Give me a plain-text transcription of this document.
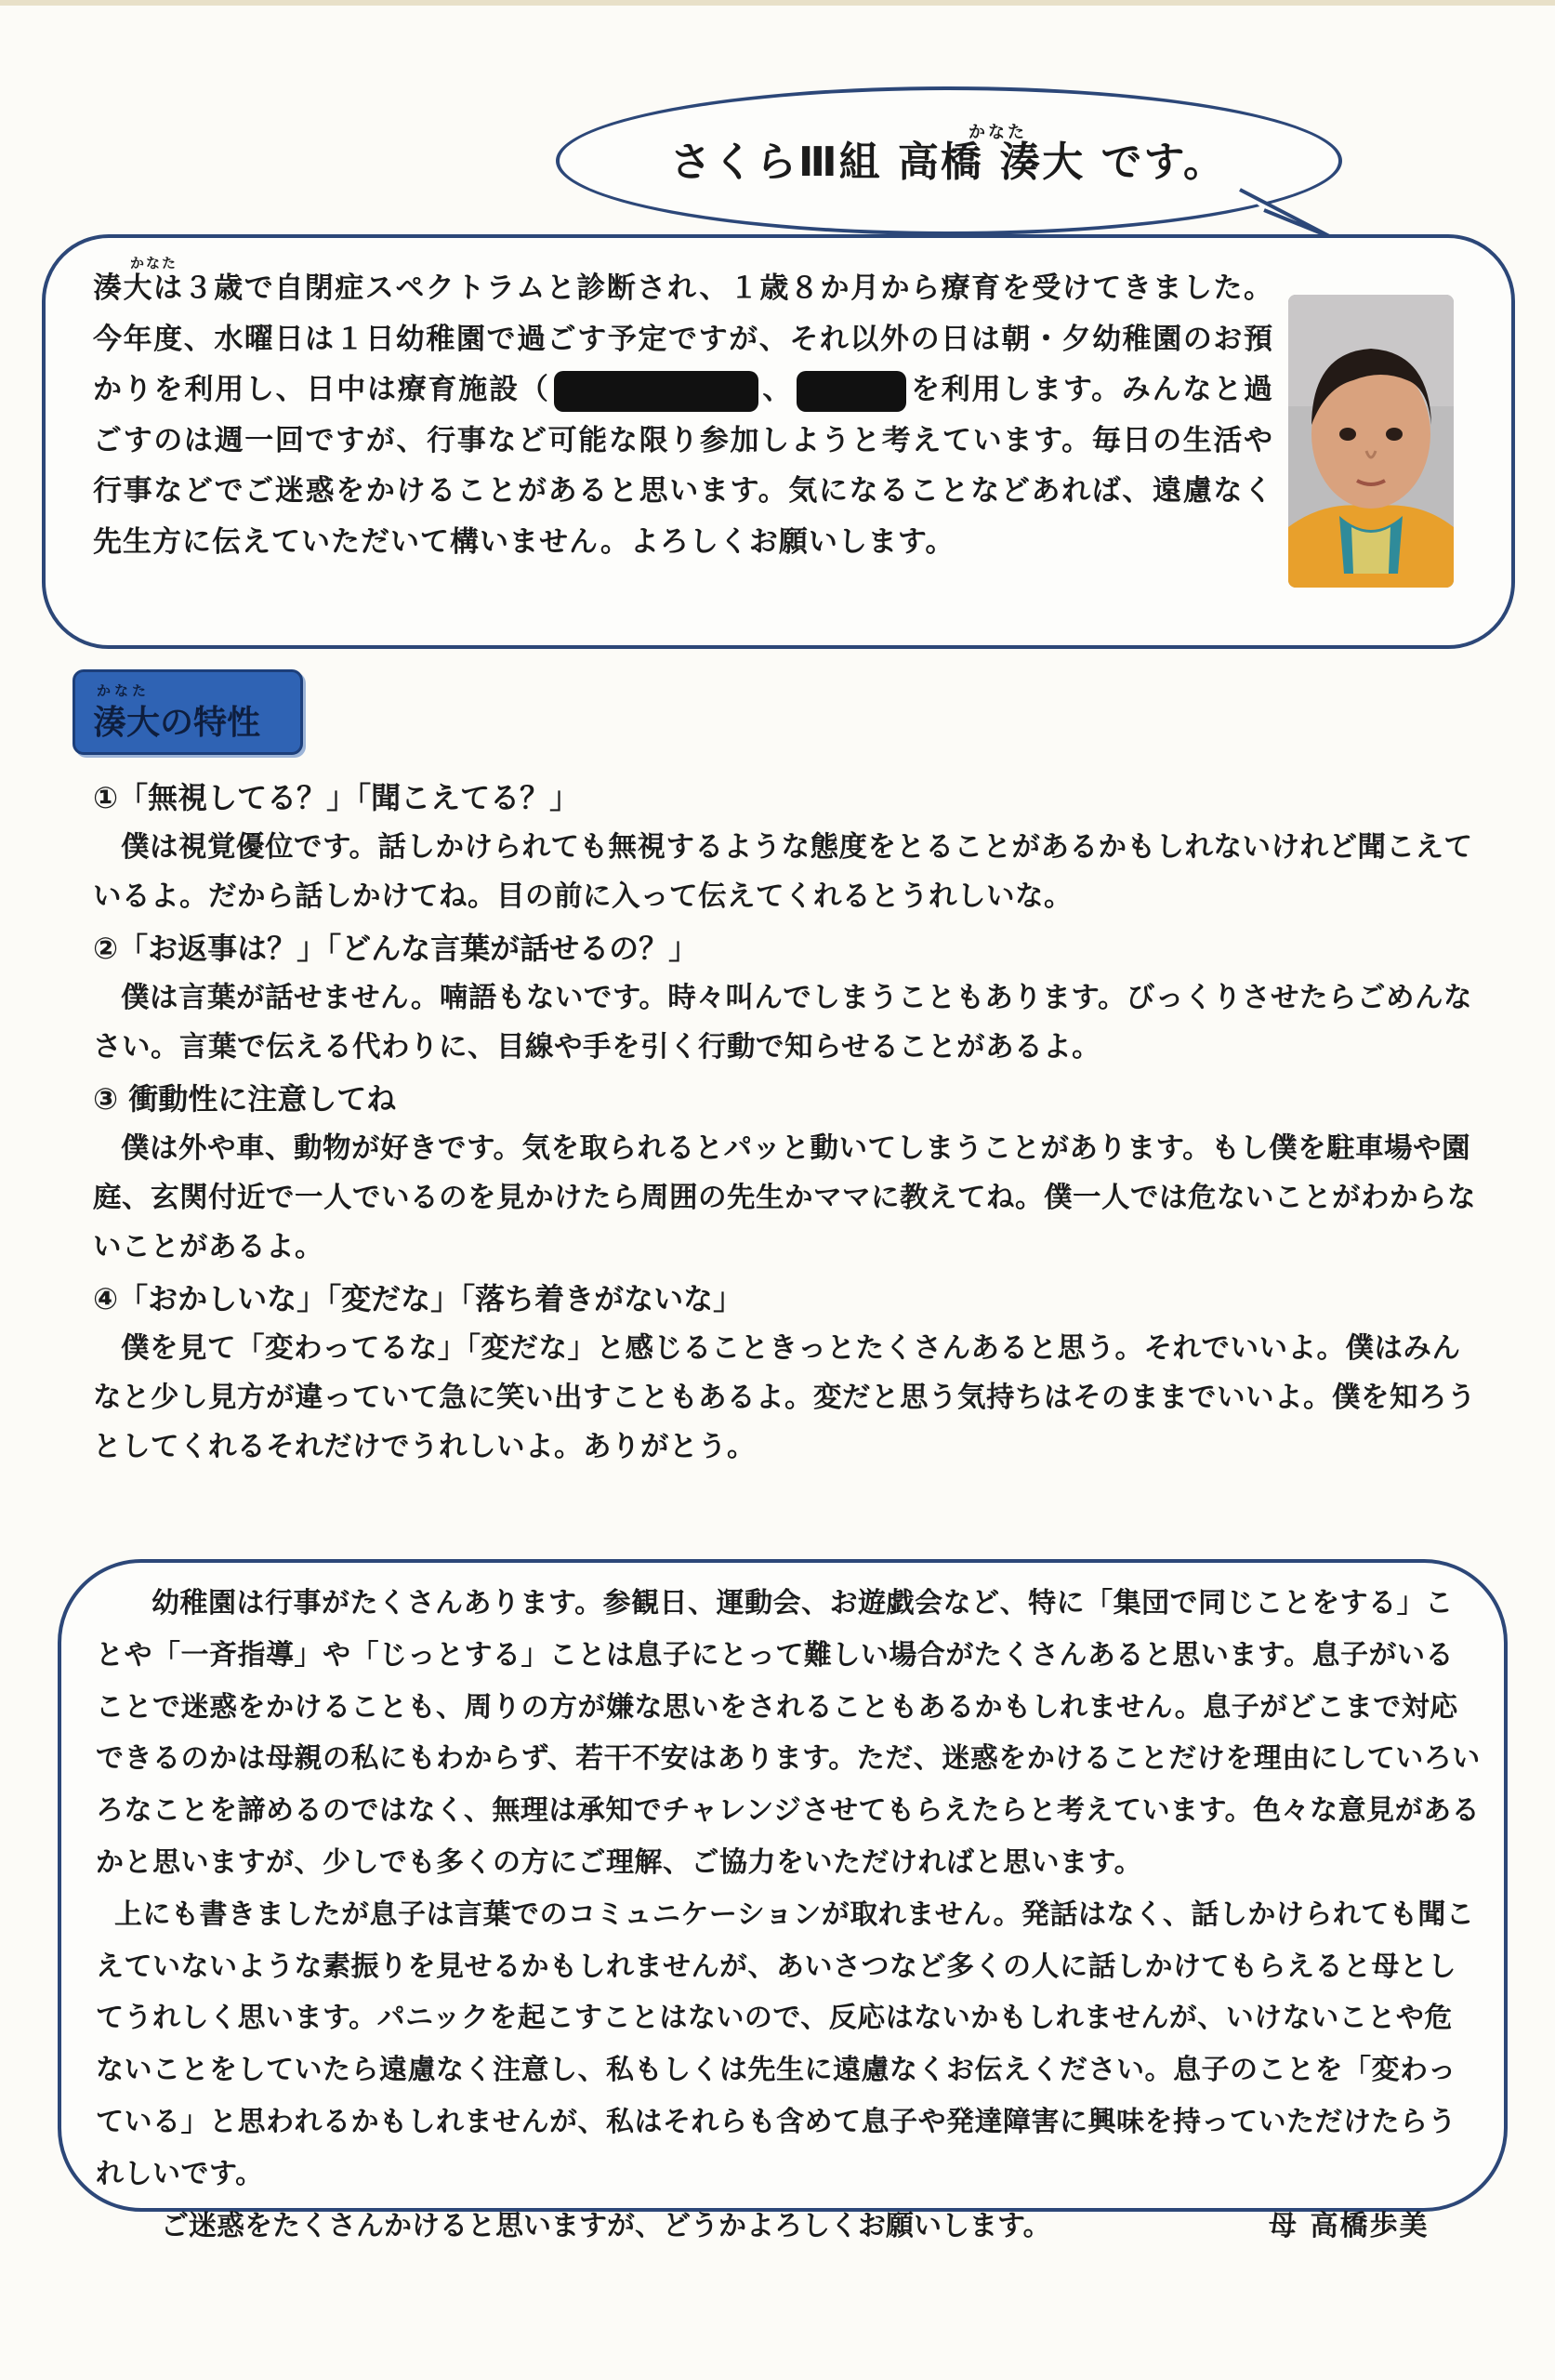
かなた
さくらⅢ組 高橋 湊大 です。
かなた
湊大は３歳で自閉症スペクトラムと診断され、１歳８か月から療育を受けてきました。今年度、水曜日は１日幼稚園で過ごす予定ですが、それ以外の日は朝・夕幼稚園のお預かりを利用し、日中は療育施設（	、	を利用します。みんなと過ごすのは週一回ですが、行事など可能な限り参加しようと考えています。毎日の生活や行事などでご迷惑をかけることがあると思います。気になることなどあれば、遠慮なく先生方に伝えていただいて構いません。よろしくお願いします。
かなた
湊大の特性
①「無視してる？」「聞こえてる？」
僕は視覚優位です。話しかけられても無視するような態度をとることがあるかもしれないけれど聞こえているよ。だから話しかけてね。目の前に入って伝えてくれるとうれしいな。
②「お返事は？」「どんな言葉が話せるの？」
僕は言葉が話せません。喃語もないです。時々叫んでしまうこともあります。びっくりさせたらごめんなさい。言葉で伝える代わりに、目線や手を引く行動で知らせることがあるよ。
③ 衝動性に注意してね
僕は外や車、動物が好きです。気を取られるとパッと動いてしまうことがあります。もし僕を駐車場や園庭、玄関付近で一人でいるのを見かけたら周囲の先生かママに教えてね。僕一人では危ないことがわからないことがあるよ。
④「おかしいな」「変だな」「落ち着きがないな」
僕を見て「変わってるな」「変だな」と感じることきっとたくさんあると思う。それでいいよ。僕はみんなと少し見方が違っていて急に笑い出すこともあるよ。変だと思う気持ちはそのままでいいよ。僕を知ろうとしてくれるそれだけでうれしいよ。ありがとう。

幼稚園は行事がたくさんあります。参観日、運動会、お遊戯会など、特に「集団で同じことをする」ことや「一斉指導」や「じっとする」ことは息子にとって難しい場合がたくさんあると思います。息子がいることで迷惑をかけることも、周りの方が嫌な思いをされることもあるかもしれません。息子がどこまで対応できるのかは母親の私にもわからず、若干不安はあります。ただ、迷惑をかけることだけを理由にしていろいろなことを諦めるのではなく、無理は承知でチャレンジさせてもらえたらと考えています。色々な意見があるかと思いますが、少しでも多くの方にご理解、ご協力をいただければと思います。

上にも書きましたが息子は言葉でのコミュニケーションが取れません。発話はなく、話しかけられても聞こえていないような素振りを見せるかもしれませんが、あいさつなど多くの人に話しかけてもらえると母としてうれしく思います。パニックを起こすことはないので、反応はないかもしれませんが、いけないことや危ないことをしていたら遠慮なく注意し、私もしくは先生に遠慮なくお伝えください。息子のことを「変わっている」と思われるかもしれませんが、私はそれらも含めて息子や発達障害に興味を持っていただけたらうれしいです。

ご迷惑をたくさんかけると思いますが、どうかよろしくお願いします。	母 高橋歩美
